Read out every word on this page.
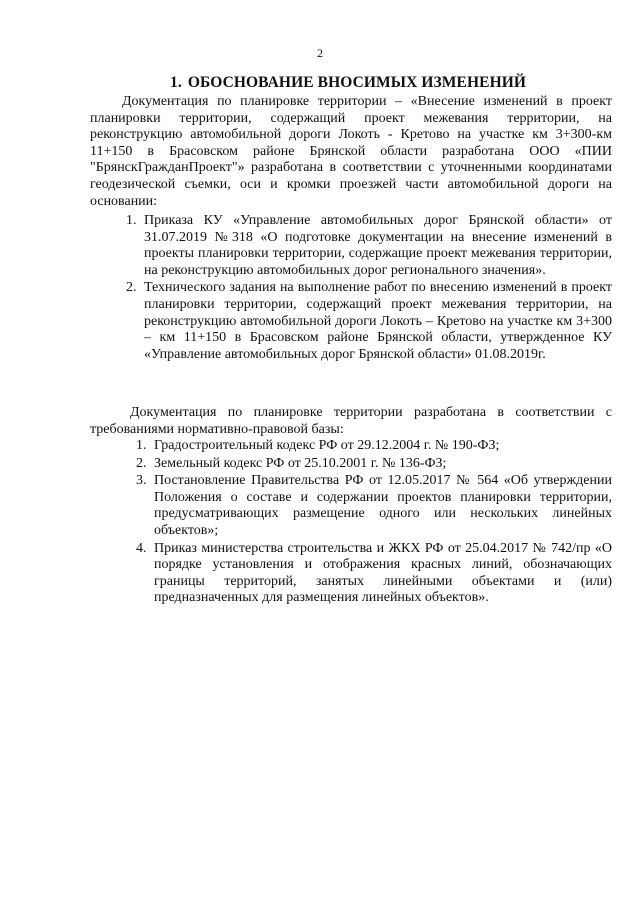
2
1. ОБОСНОВАНИЕ ВНОСИМЫХ ИЗМЕНЕНИЙ
Документация по планировке территории – «Внесение изменений в проект планировки территории, содержащий проект межевания территории, на реконструкцию автомобильной дороги Локоть - Кретово на участке км 3+300-км 11+150 в Брасовском районе Брянской области разработана ООО «ПИИ "БрянскГражданПроект"» разработана в соответствии с уточненными координатами геодезической съемки, оси и кромки проезжей части автомобильной дороги на основании:
1. Приказа КУ «Управление автомобильных дорог Брянской области» от 31.07.2019 №318 «О подготовке документации на внесение изменений в проекты планировки территории, содержащие проект межевания территории, на реконструкцию автомобильных дорог регионального значения».
2. Технического задания на выполнение работ по внесению изменений в проект планировки территории, содержащий проект межевания территории, на реконструкцию автомобильной дороги Локоть – Кретово на участке км 3+300 – км 11+150 в Брасовском районе Брянской области, утвержденное КУ «Управление автомобильных дорог Брянской области» 01.08.2019г.
Документация по планировке территории разработана в соответствии с требованиями нормативно-правовой базы:
1. Градостроительный кодекс РФ от 29.12.2004 г. № 190-ФЗ;
2. Земельный кодекс РФ от 25.10.2001 г. № 136-ФЗ;
3. Постановление Правительства РФ от 12.05.2017 № 564 «Об утверждении Положения о составе и содержании проектов планировки территории, предусматривающих размещение одного или нескольких линейных объектов»;
4. Приказ министерства строительства и ЖКХ РФ от 25.04.2017 № 742/пр «О порядке установления и отображения красных линий, обозначающих границы территорий, занятых линейными объектами и (или) предназначенных для размещения линейных объектов».
